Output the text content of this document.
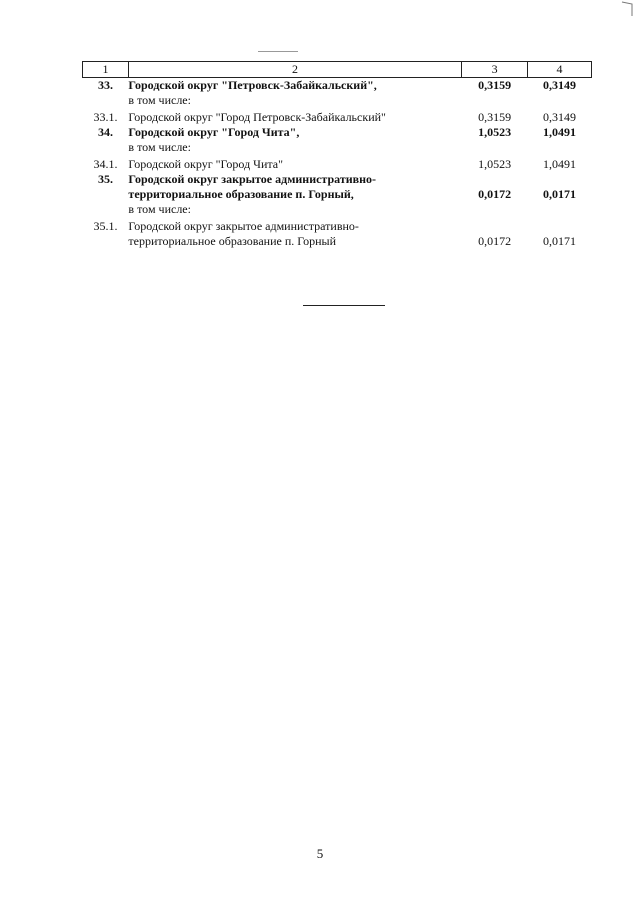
1	2	3	4
33.	Городской округ "Петровск-Забайкальский",	0,3159	0,3149
	в том числе:		

33.1.	Городской округ "Город Петровск-Забайкальский"	0,3159	0,3149
34.	Городской округ "Город Чита",	1,0523	1,0491
	в том числе:		

34.1.	Городской округ "Город Чита"	1,0523	1,0491
35.	Городской округ закрытое административно-		
	территориальное образование п. Горный,	0,0172	0,0171
	в том числе:		

35.1.	Городской округ закрытое административно-		
	территориальное образование п. Горный	0,0172	0,0171
5
